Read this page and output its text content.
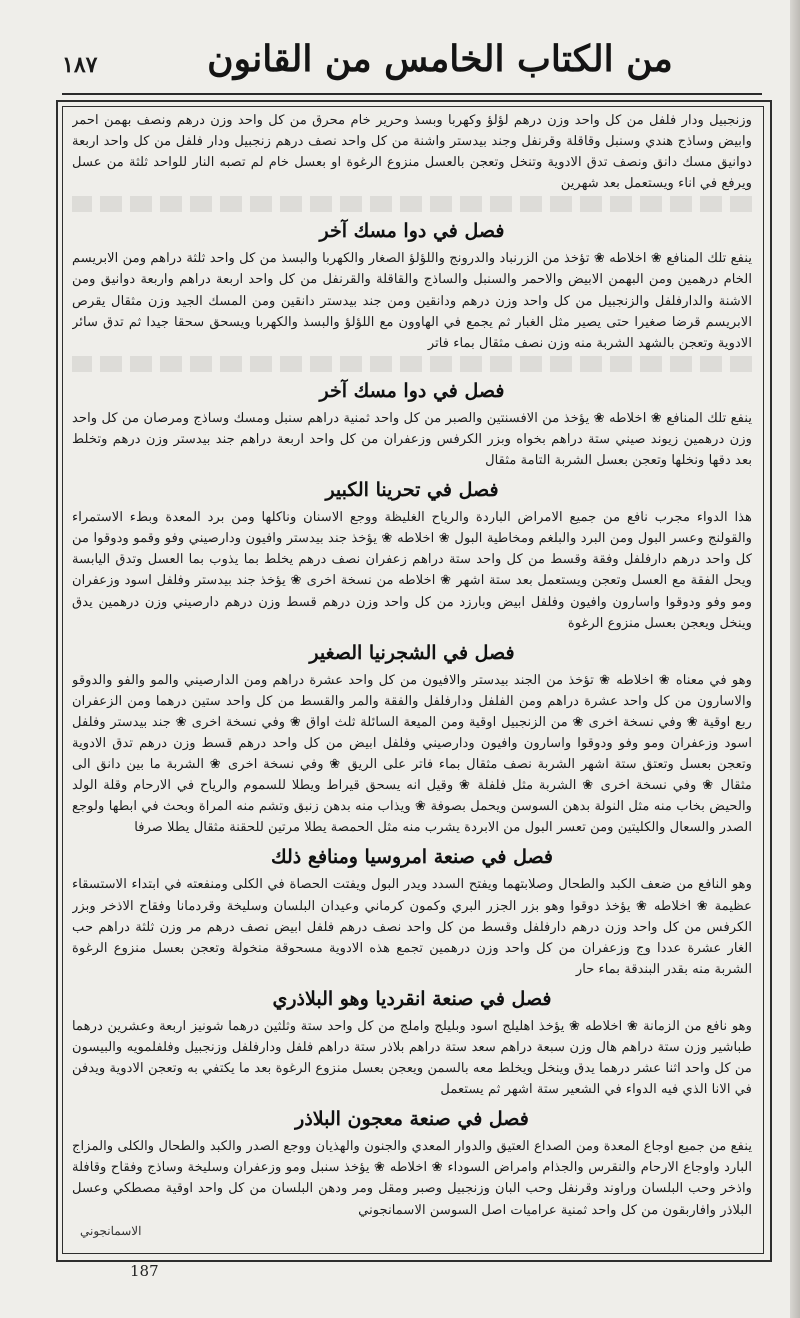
من الكتاب الخامس من القانون
١٨٧

وزنجبيل ودار فلفل من كل واحد وزن درهم لؤلؤ وكهربا وبسذ وحرير خام محرق من كل واحد وزن درهم ونصف بهمن احمر وابيض وساذج هندي وسنبل وقاقلة وقرنفل وجند بيدستر واشنة من كل واحد نصف درهم زنجبيل ودار فلفل من كل واحد اربعة دوانيق مسك دانق ونصف تدق الادوية وتنخل وتعجن بالعسل منزوع الرغوة او بعسل خام لم تصبه النار للواحد ثلثة من عسل ويرفع في اناء ويستعمل بعد شهرين

فصل في دوا مسك آخر

ينفع تلك المنافع ❀ اخلاطه ❀ تؤخذ من الزرنباد والدرونج واللؤلؤ الصغار والكهربا والبسذ من كل واحد ثلثة دراهم ومن الابريسم الخام درهمين ومن البهمن الابيض والاحمر والسنبل والساذج والقاقلة والقرنفل من كل واحد اربعة دراهم واربعة دوانيق ومن الاشنة والدارفلفل والزنجبيل من كل واحد وزن درهم ودانقين ومن جند بيدستر دانقين ومن المسك الجيد وزن مثقال يقرص الابريسم قرضا صغيرا حتى يصير مثل الغبار ثم يجمع في الهاوون مع اللؤلؤ والبسذ والكهربا ويسحق سحقا جيدا ثم تدق سائر الادوية وتعجن بالشهد الشربة منه وزن نصف مثقال بماء فاتر

فصل في دوا مسك آخر

ينفع تلك المنافع ❀ اخلاطه ❀ يؤخذ من الافسنتين والصبر من كل واحد ثمنية دراهم سنبل ومسك وساذج ومرصان من كل واحد وزن درهمين زيوند صيني ستة دراهم بخواه وبزر الكرفس وزعفران من كل واحد اربعة دراهم جند بيدستر وزن درهم وتخلط بعد دقها ونخلها وتعجن بعسل الشربة التامة مثقال

فصل في تحرينا الكبير

هذا الدواء مجرب نافع من جميع الامراض الباردة والرياح الغليظة ووجع الاسنان وناكلها ومن برد المعدة وبطء الاستمراء والقولنج وعسر البول ومن البرد والبلغم ومخاطية البول ❀ اخلاطه ❀ يؤخذ جند بيدستر وافيون ودارصيني وفو وقمو ودوقوا من كل واحد درهم دارفلفل وفقة وقسط من كل واحد ستة دراهم زعفران نصف درهم يخلط بما يذوب بما العسل وتدق اليابسة ويحل الفقة مع العسل وتعجن ويستعمل بعد ستة اشهر ❀ اخلاطه من نسخة اخرى ❀ يؤخذ جند بيدستر وفلفل اسود وزعفران ومو وفو ودوقوا واسارون وافيون وفلفل ابيض وبارزد من كل واحد وزن درهم قسط وزن درهم دارصيني وزن درهمين يدق وينخل ويعجن بعسل منزوع الرغوة

فصل في الشجرنيا الصغير

وهو في معناه ❀ اخلاطه ❀ تؤخذ من الجند بيدستر والافيون من كل واحد عشرة دراهم ومن الدارصيني والمو والفو والدوقو والاسارون من كل واحد عشرة دراهم ومن الفلفل ودارفلفل والفقة والمر والقسط من كل واحد ستين درهما ومن الزعفران ربع اوقية ❀ وفي نسخة اخرى ❀ من الزنجبيل اوقية ومن الميعة السائلة ثلث اواق ❀ وفي نسخة اخرى ❀ جند بيدستر وفلفل اسود وزعفران ومو وفو ودوقوا واسارون وافيون ودارصيني وفلفل ابيض من كل واحد درهم قسط وزن درهم تدق الادوية وتعجن بعسل وتعتق ستة اشهر الشربة نصف مثقال بماء فاتر على الريق ❀ وفي نسخة اخرى ❀ الشربة ما بين دانق الى مثقال ❀ وفي نسخة اخرى ❀ الشربة مثل فلفلة ❀ وقيل انه يسحق قيراط ويطلا للسموم والرياح في الارحام وقلة الولد والحيض بخاب منه مثل النولة بدهن السوسن ويحمل بصوفة ❀ ويذاب منه بدهن زنبق وتشم منه المراة وبحث في ابطها ولوجع الصدر والسعال والكليتين ومن تعسر البول من الابردة يشرب منه مثل الحمصة يطلا مرتين للحقنة مثقال يطلا صرفا

فصل في صنعة امروسيا ومنافع ذلك

وهو النافع من ضعف الكبد والطحال وصلابتهما ويفتح السدد ويدر البول ويفتت الحصاة في الكلى ومنفعته في ابتداء الاستسقاء عظيمة ❀ اخلاطه ❀ يؤخذ دوقوا وهو بزر الجزر البري وكمون كرماني وعيدان البلسان وسليخة وقردمانا وفقاح الاذخر وبزر الكرفس من كل واحد وزن درهم دارفلفل وقسط من كل واحد نصف درهم فلفل ابيض نصف درهم مر وزن ثلثة دراهم حب الغار عشرة عددا وج وزعفران من كل واحد وزن درهمين تجمع هذه الادوية مسحوقة منخولة وتعجن بعسل منزوع الرغوة الشربة منه بقدر البندقة بماء حار

فصل في صنعة انقرديا وهو البلاذري

وهو نافع من الزمانة ❀ اخلاطه ❀ يؤخذ اهليلج اسود وبليلج واملج من كل واحد ستة وثلثين درهما شونيز اربعة وعشرين درهما طباشير وزن ستة دراهم هال وزن سبعة دراهم سعد ستة دراهم بلاذر ستة دراهم فلفل ودارفلفل وزنجبيل وفلفلمويه والبيسون من كل واحد اثنا عشر درهما يدق وينخل ويخلط معه بالسمن ويعجن بعسل منزوع الرغوة بعد ما يكتفي به وتعجن الادوية ويدفن في الانا الذي فيه الدواء في الشعير ستة اشهر ثم يستعمل

فصل في صنعة معجون البلاذر

ينفع من جميع اوجاع المعدة ومن الصداع العتيق والدوار المعدي والجنون والهذيان ووجع الصدر والكبد والطحال والكلى والمزاج البارد واوجاع الارحام والنقرس والجذام وامراض السوداء ❀ اخلاطه ❀ يؤخذ سنبل ومو وزعفران وسليخة وساذج وفقاح وقافلة واذخر وحب البلسان وراوند وقرنفل وحب البان وزنجبيل وصبر ومقل ومر ودهن البلسان من كل واحد اوقية مصطكي وعسل البلاذر وافاربقون من كل واحد ثمنية عراميات اصل السوسن الاسمانجوني

الاسمانجوني
187
